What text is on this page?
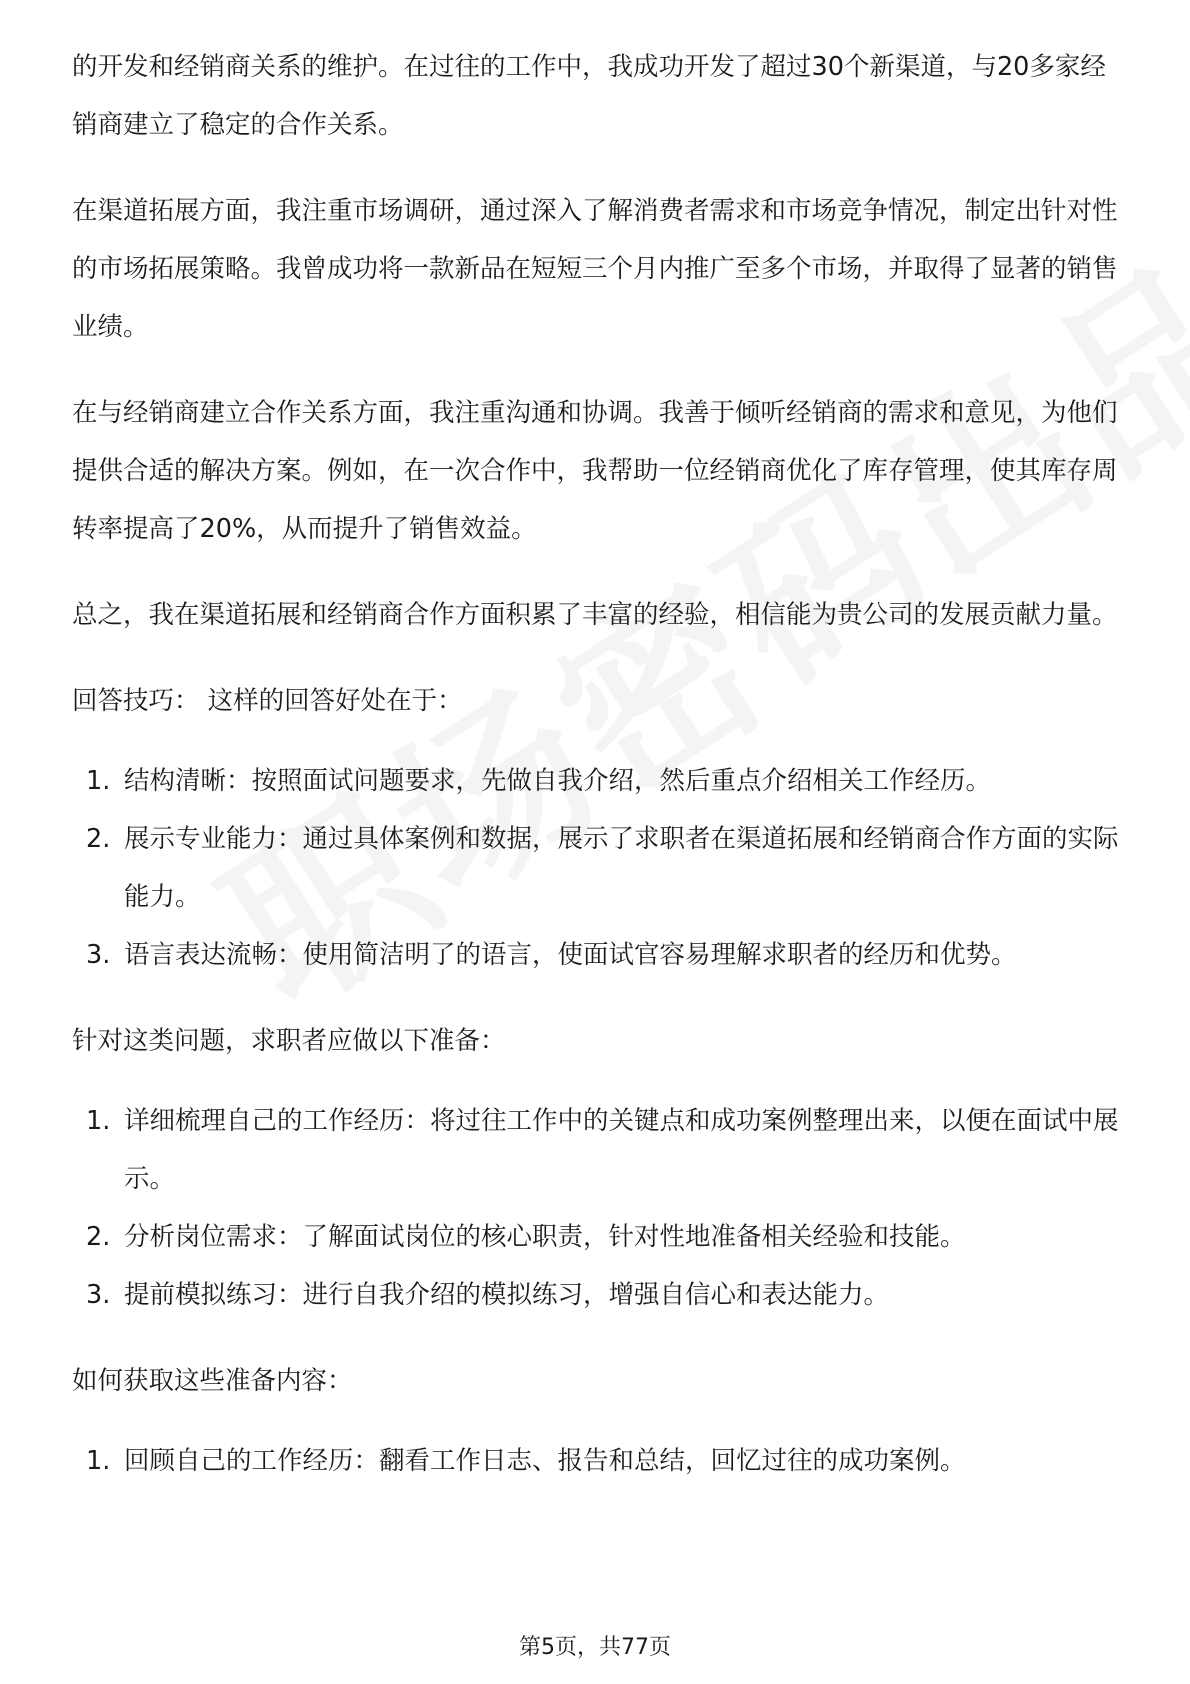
的开发和经销商关系的维护。在过往的工作中，我成功开发了超过30个新渠道，与20多家经销商建立了稳定的合作关系。

在渠道拓展方面，我注重市场调研，通过深入了解消费者需求和市场竞争情况，制定出针对性的市场拓展策略。我曾成功将一款新品在短短三个月内推广至多个市场，并取得了显著的销售业绩。

在与经销商建立合作关系方面，我注重沟通和协调。我善于倾听经销商的需求和意见，为他们提供合适的解决方案。例如，在一次合作中，我帮助一位经销商优化了库存管理，使其库存周转率提高了20%，从而提升了销售效益。

总之，我在渠道拓展和经销商合作方面积累了丰富的经验，相信能为贵公司的发展贡献力量。

回答技巧： 这样的回答好处在于：

1. 结构清晰：按照面试问题要求，先做自我介绍，然后重点介绍相关工作经历。
2. 展示专业能力：通过具体案例和数据，展示了求职者在渠道拓展和经销商合作方面的实际能力。
3. 语言表达流畅：使用简洁明了的语言，使面试官容易理解求职者的经历和优势。

针对这类问题，求职者应做以下准备：

1. 详细梳理自己的工作经历：将过往工作中的关键点和成功案例整理出来，以便在面试中展示。
2. 分析岗位需求：了解面试岗位的核心职责，针对性地准备相关经验和技能。
3. 提前模拟练习：进行自我介绍的模拟练习，增强自信心和表达能力。

如何获取这些准备内容：

1. 回顾自己的工作经历：翻看工作日志、报告和总结，回忆过往的成功案例。
第5页，共77页
